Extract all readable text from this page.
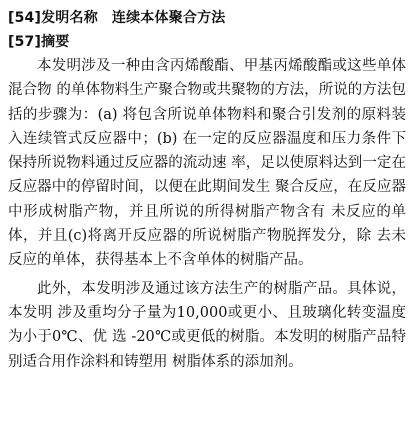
[54]发明名称 连续本体聚合方法
[57]摘要

本发明涉及一种由含丙烯酸酯、甲基丙烯酸酯或这些单体混合物 的单体物料生产聚合物或共聚物的方法，所说的方法包括的步骤为：(a) 将包含所说单体物料和聚合引发剂的原料装入连续管式反应器中；(b) 在一定的反应器温度和压力条件下保持所说物料通过反应器的流动速 率，足以使原料达到一定在反应器中的停留时间，以便在此期间发生 聚合反应，在反应器中形成树脂产物，并且所说的所得树脂产物含有 未反应的单体，并且(c)将离开反应器的所说树脂产物脱挥发分，除 去未反应的单体，获得基本上不含单体的树脂产品。

此外，本发明涉及通过该方法生产的树脂产品。具体说，本发明 涉及重均分子量为10,000或更小、且玻璃化转变温度为小于0℃、优 选 -20℃或更低的树脂。本发明的树脂产品特别适合用作涂料和铸塑用 树脂体系的添加剂。
